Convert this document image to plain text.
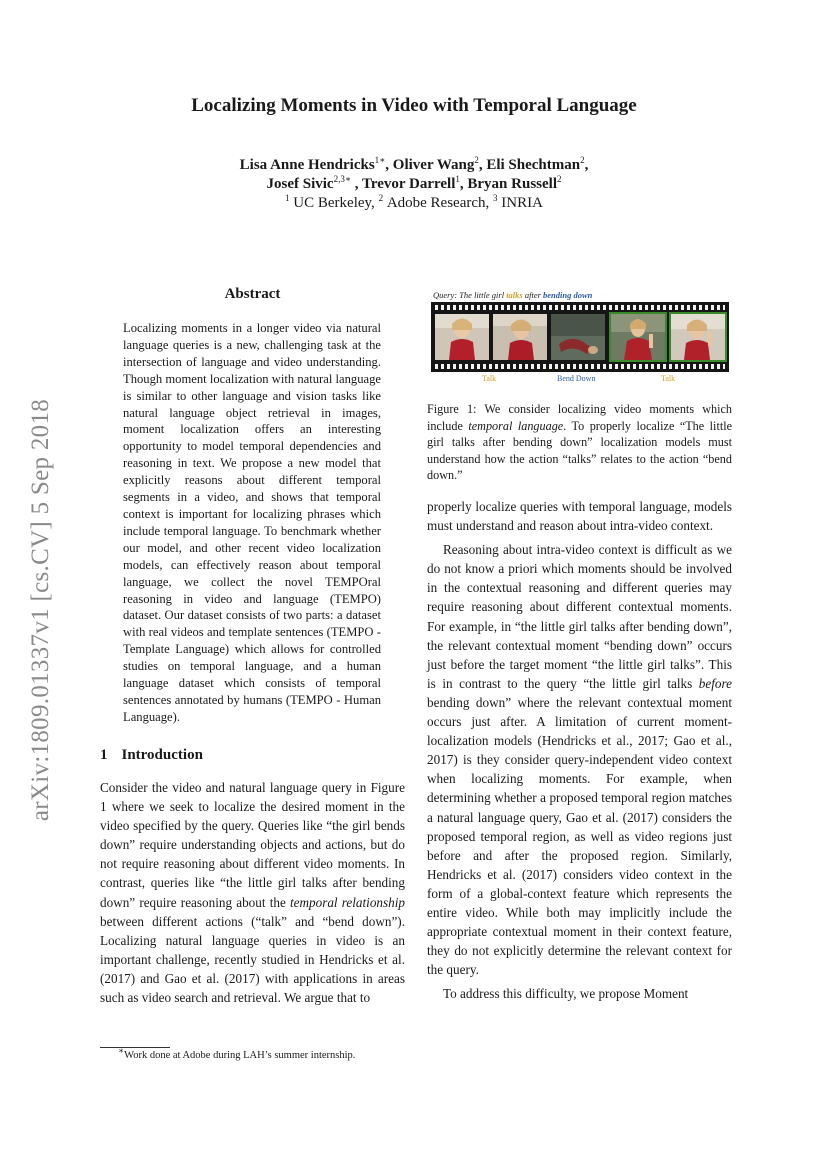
arXiv:1809.01337v1 [cs.CV] 5 Sep 2018
Localizing Moments in Video with Temporal Language
Lisa Anne Hendricks$^{1∗}$, Oliver Wang$^2$, Eli Shechtman$^2$,
Josef Sivic$^{2,3∗}$ , Trevor Darrell$^1$, Bryan Russell$^2$
$^1$ UC Berkeley, $^2$ Adobe Research, $^3$ INRIA
Abstract
Localizing moments in a longer video via natural language queries is a new, challenging task at the intersection of language and video understanding. Though moment localization with natural language is similar to other language and vision tasks like natural language object retrieval in images, moment localization offers an interesting opportunity to model temporal dependencies and reasoning in text. We propose a new model that explicitly reasons about different temporal segments in a video, and shows that temporal context is important for localizing phrases which include temporal language. To benchmark whether our model, and other recent video localization models, can effectively reason about temporal language, we collect the novel TEMPOral reasoning in video and language (TEMPO) dataset. Our dataset consists of two parts: a dataset with real videos and template sentences (TEMPO - Template Language) which allows for controlled studies on temporal language, and a human language dataset which consists of temporal sentences annotated by humans (TEMPO - Human Language).
1 Introduction
Consider the video and natural language query in Figure 1 where we seek to localize the desired moment in the video specified by the query. Queries like “the girl bends down” require understanding objects and actions, but do not require reasoning about different video moments. In contrast, queries like “the little girl talks after bending down” require reasoning about the temporal relationship between different actions (“talk” and “bend down”). Localizing natural language queries in video is an important challenge, recently studied in Hendricks et al. (2017) and Gao et al. (2017) with applications in areas such as video search and retrieval. We argue that to
∗Work done at Adobe during LAH’s summer internship.
Query: The little girl talks after bending down
Talk	Bend Down	Talk
Figure 1: We consider localizing video moments which include temporal language. To properly localize “The little girl talks after bending down” localization models must understand how the action “talks” relates to the action “bend down.”

properly localize queries with temporal language, models must understand and reason about intra-video context.

Reasoning about intra-video context is difficult as we do not know a priori which moments should be involved in the contextual reasoning and different queries may require reasoning about different contextual moments. For example, in “the little girl talks after bending down”, the relevant contextual moment “bending down” occurs just before the target moment “the little girl talks”. This is in contrast to the query “the little girl talks before bending down” where the relevant contextual moment occurs just after. A limitation of current moment-localization models (Hendricks et al., 2017; Gao et al., 2017) is they consider query-independent video context when localizing moments. For example, when determining whether a proposed temporal region matches a natural language query, Gao et al. (2017) considers the proposed temporal region, as well as video regions just before and after the proposed region. Similarly, Hendricks et al. (2017) considers video context in the form of a global-context feature which represents the entire video. While both may implicitly include the appropriate contextual moment in their context feature, they do not explicitly determine the relevant context for the query.

To address this difficulty, we propose Moment
